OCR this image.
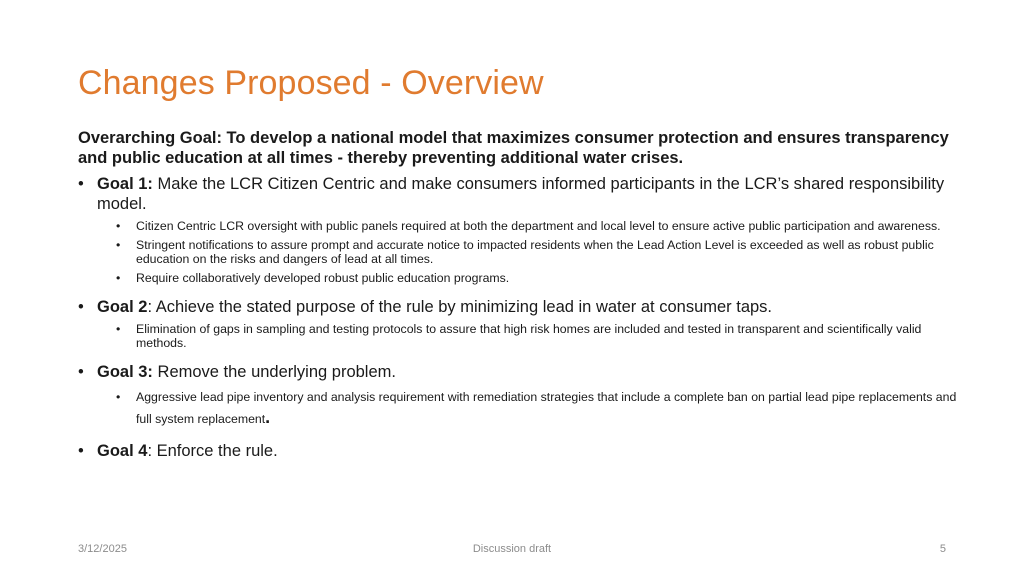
Changes Proposed - Overview
Overarching Goal: To develop a national model that maximizes consumer protection and ensures transparency and public education at all times - thereby preventing additional water crises.
• Goal 1: Make the LCR Citizen Centric and make consumers informed participants in the LCR’s shared responsibility model.
• Citizen Centric LCR oversight with public panels required at both the department and local level to ensure active public participation and awareness.
• Stringent notifications to assure prompt and accurate notice to impacted residents when the Lead Action Level is exceeded as well as robust public education on the risks and dangers of lead at all times.
• Require collaboratively developed robust public education programs.
• Goal 2: Achieve the stated purpose of the rule by minimizing lead in water at consumer taps.
• Elimination of gaps in sampling and testing protocols to assure that high risk homes are included and tested in transparent and scientifically valid methods.
• Goal 3: Remove the underlying problem.
• Aggressive lead pipe inventory and analysis requirement with remediation strategies that include a complete ban on partial lead pipe replacements and full system replacement.
• Goal 4: Enforce the rule.
3/12/2025	Discussion draft	5
